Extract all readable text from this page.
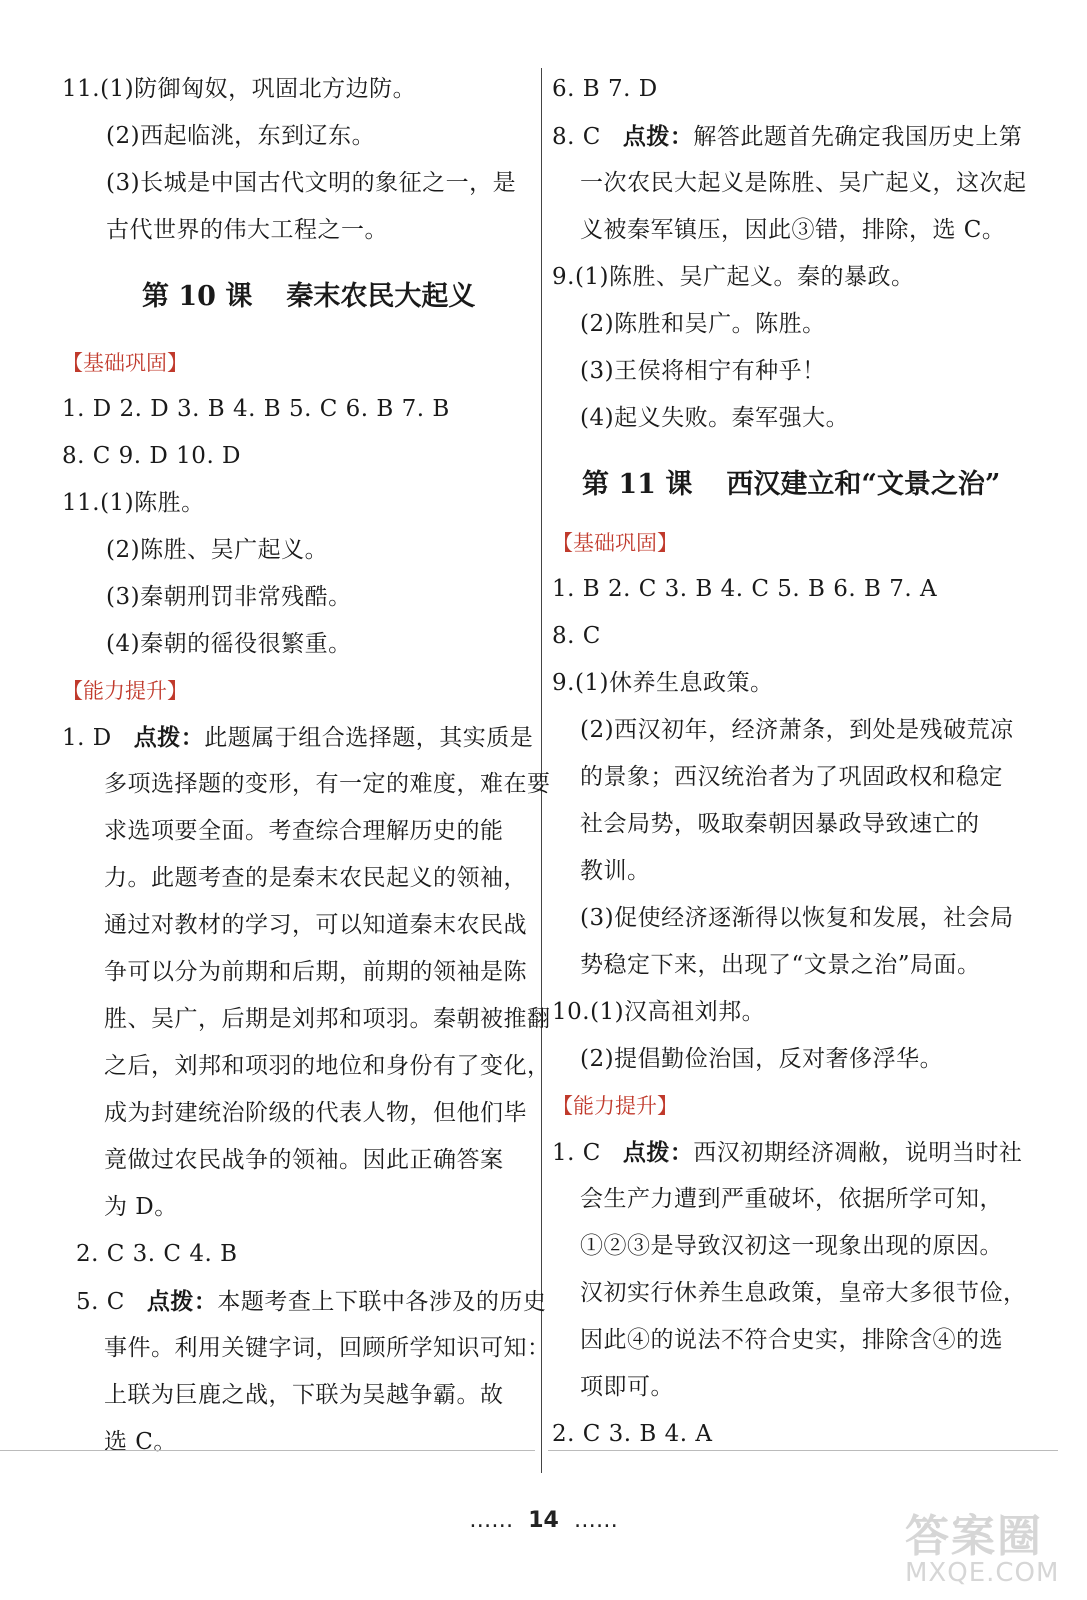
11.(1)防御匈奴，巩固北方边防。
(2)西起临洮，东到辽东。
(3)长城是中国古代文明的象征之一，是
古代世界的伟大工程之一。
第 10 课 秦末农民大起义
【基础巩固】
1. D 2. D 3. B 4. B 5. C 6. B 7. B
8. C 9. D 10. D
11.(1)陈胜。
(2)陈胜、吴广起义。
(3)秦朝刑罚非常残酷。
(4)秦朝的徭役很繁重。
【能力提升】
1. D 点拨：此题属于组合选择题，其实质是
多项选择题的变形，有一定的难度，难在要
求选项要全面。考查综合理解历史的能
力。此题考查的是秦末农民起义的领袖，
通过对教材的学习，可以知道秦末农民战
争可以分为前期和后期，前期的领袖是陈
胜、吴广，后期是刘邦和项羽。秦朝被推翻
之后，刘邦和项羽的地位和身份有了变化，
成为封建统治阶级的代表人物，但他们毕
竟做过农民战争的领袖。因此正确答案
为 D。
2. C 3. C 4. B
5. C 点拨：本题考查上下联中各涉及的历史
事件。利用关键字词，回顾所学知识可知：
上联为巨鹿之战，下联为吴越争霸。故
选 C。
6. B 7. D
8. C 点拨：解答此题首先确定我国历史上第
一次农民大起义是陈胜、吴广起义，这次起
义被秦军镇压，因此③错，排除，选 C。
9.(1)陈胜、吴广起义。秦的暴政。
(2)陈胜和吴广。陈胜。
(3)王侯将相宁有种乎！
(4)起义失败。秦军强大。
第 11 课 西汉建立和“文景之治”
【基础巩固】
1. B 2. C 3. B 4. C 5. B 6. B 7. A
8. C
9.(1)休养生息政策。
(2)西汉初年，经济萧条，到处是残破荒凉
的景象；西汉统治者为了巩固政权和稳定
社会局势，吸取秦朝因暴政导致速亡的
教训。
(3)促使经济逐渐得以恢复和发展，社会局
势稳定下来，出现了“文景之治”局面。
10.(1)汉高祖刘邦。
(2)提倡勤俭治国，反对奢侈浮华。
【能力提升】
1. C 点拨：西汉初期经济凋敝，说明当时社
会生产力遭到严重破坏，依据所学可知，
①②③是导致汉初这一现象出现的原因。
汉初实行休养生息政策，皇帝大多很节俭，
因此④的说法不符合史实，排除含④的选
项即可。
2. C 3. B 4. A
…… 14 ……	答案圈
MXQE.COM
